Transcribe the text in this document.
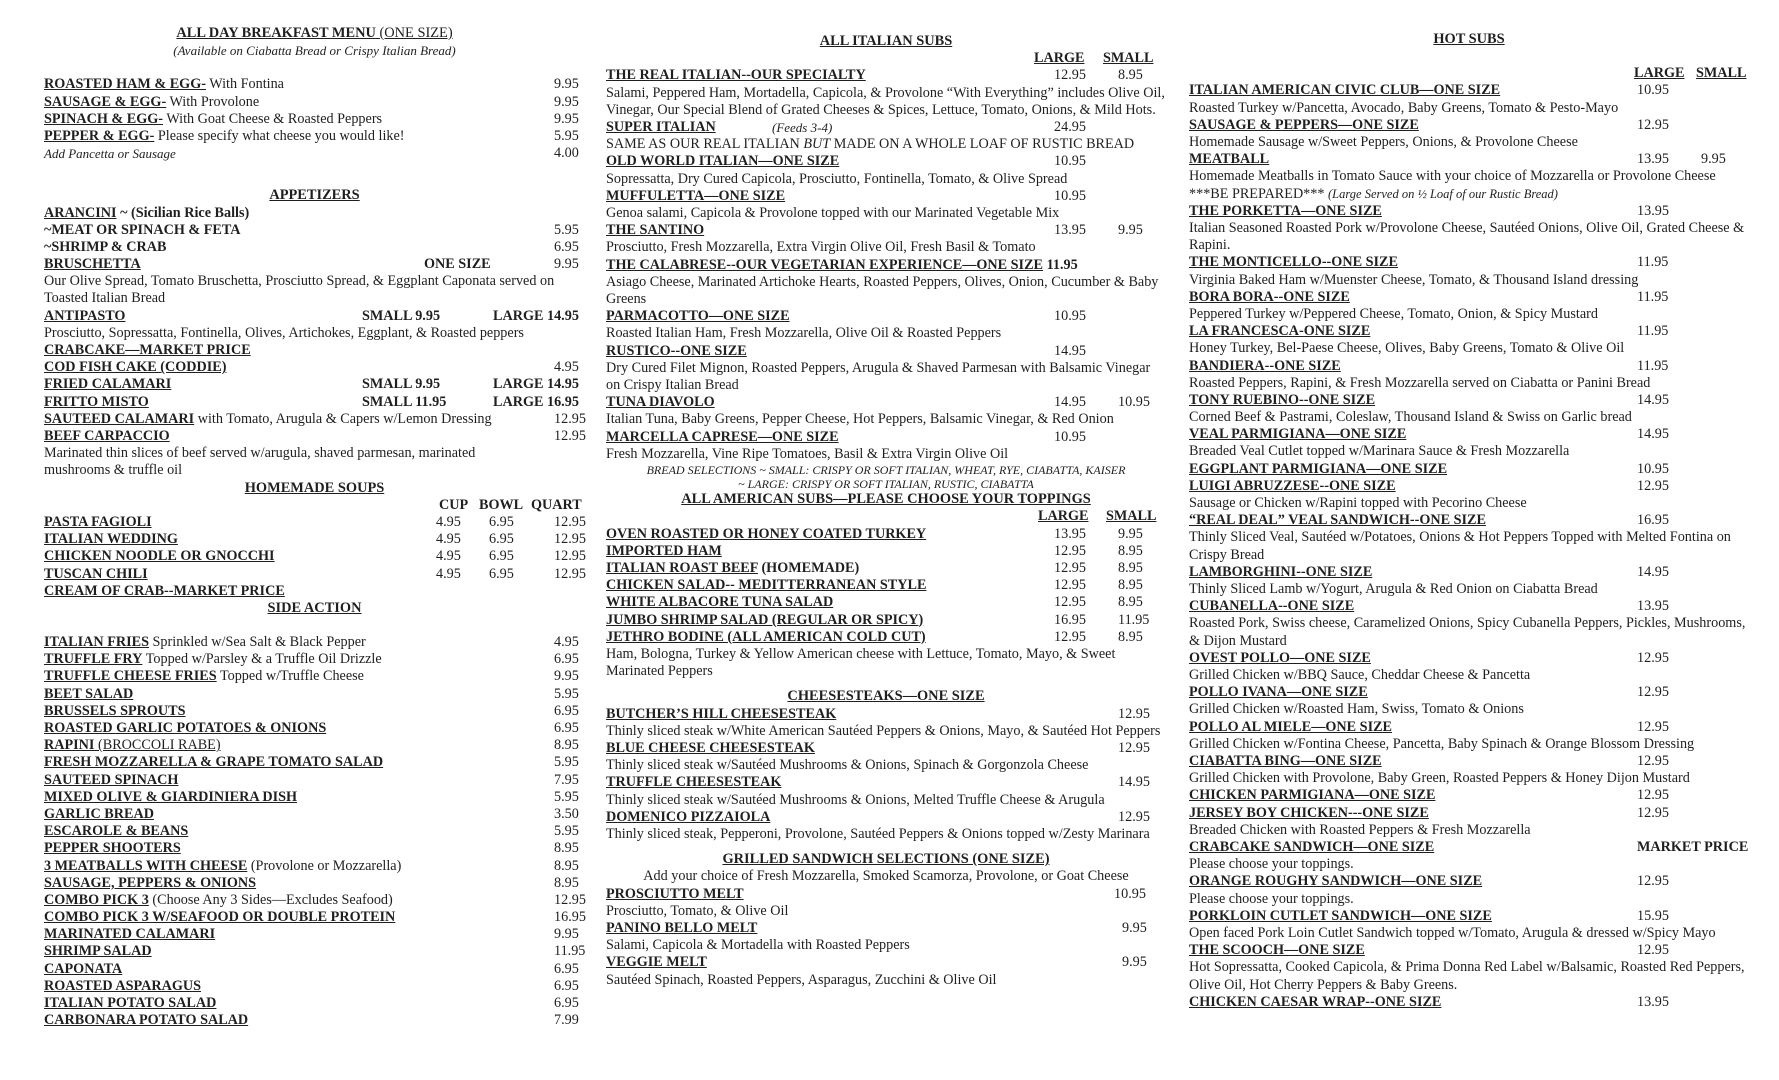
ALL DAY BREAKFAST MENU (ONE SIZE)
(Available on Ciabatta Bread or Crispy Italian Bread)
ROASTED HAM & EGG- With Fontina	9.95
SAUSAGE & EGG- With Provolone	9.95
SPINACH & EGG- With Goat Cheese & Roasted Peppers	9.95
PEPPER & EGG- Please specify what cheese you would like!	5.95
Add Pancetta or Sausage	4.00
APPETIZERS
ARANCINI ~ (Sicilian Rice Balls)
~MEAT OR SPINACH & FETA	5.95
~SHRIMP & CRAB	6.95
BRUSCHETTA	ONE SIZE	9.95
Our Olive Spread, Tomato Bruschetta, Prosciutto Spread, & Eggplant Caponata served on Toasted Italian Bread
ANTIPASTO	SMALL 9.95	LARGE 14.95
Prosciutto, Sopressatta, Fontinella, Olives, Artichokes, Eggplant, & Roasted peppers
CRABCAKE—MARKET PRICE
COD FISH CAKE (CODDIE)	4.95
FRIED CALAMARI	SMALL 9.95	LARGE 14.95
FRITTO MISTO	SMALL 11.95	LARGE 16.95
SAUTEED CALAMARI with Tomato, Arugula & Capers w/Lemon Dressing	12.95
BEEF CARPACCIO	12.95
Marinated thin slices of beef served w/arugula, shaved parmesan, marinated mushrooms & truffle oil
HOMEMADE SOUPS
CUP BOWL QUART
PASTA FAGIOLI	4.95 6.95	12.95
ITALIAN WEDDING	4.95 6.95	12.95
CHICKEN NOODLE OR GNOCCHI	4.95 6.95	12.95
TUSCAN CHILI	4.95 6.95	12.95
CREAM OF CRAB--MARKET PRICE
SIDE ACTION
ITALIAN FRIES Sprinkled w/Sea Salt & Black Pepper	4.95
TRUFFLE FRY Topped w/Parsley & a Truffle Oil Drizzle	6.95
TRUFFLE CHEESE FRIES Topped w/Truffle Cheese	9.95
BEET SALAD	5.95
BRUSSELS SPROUTS	6.95
ROASTED GARLIC POTATOES & ONIONS	6.95
RAPINI (BROCCOLI RABE)	8.95
FRESH MOZZARELLA & GRAPE TOMATO SALAD	5.95
SAUTEED SPINACH	7.95
MIXED OLIVE & GIARDINIERA DISH	5.95
GARLIC BREAD	3.50
ESCAROLE & BEANS	5.95
PEPPER SHOOTERS	8.95
3 MEATBALLS WITH CHEESE (Provolone or Mozzarella)	8.95
SAUSAGE, PEPPERS & ONIONS	8.95
COMBO PICK 3 (Choose Any 3 Sides—Excludes Seafood)	12.95
COMBO PICK 3 W/SEAFOOD OR DOUBLE PROTEIN	16.95
MARINATED CALAMARI	9.95
SHRIMP SALAD	11.95
CAPONATA	6.95
ROASTED ASPARAGUS	6.95
ITALIAN POTATO SALAD	6.95
CARBONARA POTATO SALAD	7.99
ALL ITALIAN SUBS
LARGE SMALL
THE REAL ITALIAN--OUR SPECIALTY	12.95 8.95
Salami, Peppered Ham, Mortadella, Capicola, & Provolone “With Everything” includes Olive Oil, Vinegar, Our Special Blend of Grated Cheeses & Spices, Lettuce, Tomato, Onions, & Mild Hots.
SUPER ITALIAN	(Feeds 3-4)	24.95
SAME AS OUR REAL ITALIAN BUT MADE ON A WHOLE LOAF OF RUSTIC BREAD
OLD WORLD ITALIAN—ONE SIZE	10.95
Sopressatta, Dry Cured Capicola, Prosciutto, Fontinella, Tomato, & Olive Spread
MUFFULETTA—ONE SIZE	10.95
Genoa salami, Capicola & Provolone topped with our Marinated Vegetable Mix
THE SANTINO	13.95 9.95
Prosciutto, Fresh Mozzarella, Extra Virgin Olive Oil, Fresh Basil & Tomato
THE CALABRESE--OUR VEGETARIAN EXPERIENCE—ONE SIZE 11.95
Asiago Cheese, Marinated Artichoke Hearts, Roasted Peppers, Olives, Onion, Cucumber & Baby Greens
PARMACOTTO—ONE SIZE	10.95
Roasted Italian Ham, Fresh Mozzarella, Olive Oil & Roasted Peppers
RUSTICO--ONE SIZE	14.95
Dry Cured Filet Mignon, Roasted Peppers, Arugula & Shaved Parmesan with Balsamic Vinegar on Crispy Italian Bread
TUNA DIAVOLO	14.95 10.95
Italian Tuna, Baby Greens, Pepper Cheese, Hot Peppers, Balsamic Vinegar, & Red Onion
MARCELLA CAPRESE—ONE SIZE	10.95
Fresh Mozzarella, Vine Ripe Tomatoes, Basil & Extra Virgin Olive Oil
BREAD SELECTIONS ~ SMALL: CRISPY OR SOFT ITALIAN, WHEAT, RYE, CIABATTA, KAISER
~ LARGE: CRISPY OR SOFT ITALIAN, RUSTIC, CIABATTA
ALL AMERICAN SUBS—PLEASE CHOOSE YOUR TOPPINGS
LARGE SMALL
OVEN ROASTED OR HONEY COATED TURKEY	13.95 9.95
IMPORTED HAM	12.95 8.95
ITALIAN ROAST BEEF (HOMEMADE)	12.95 8.95
CHICKEN SALAD-- MEDITTERRANEAN STYLE	12.95 8.95
WHITE ALBACORE TUNA SALAD	12.95 8.95
JUMBO SHRIMP SALAD (REGULAR OR SPICY)	16.95 11.95
JETHRO BODINE (ALL AMERICAN COLD CUT)	12.95 8.95
Ham, Bologna, Turkey & Yellow American cheese with Lettuce, Tomato, Mayo, & Sweet Marinated Peppers
CHEESESTEAKS—ONE SIZE
BUTCHER’S HILL CHEESESTEAK	12.95
Thinly sliced steak w/White American Sautéed Peppers & Onions, Mayo, & Sautéed Hot Peppers
BLUE CHEESE CHEESESTEAK	12.95
Thinly sliced steak w/Sautéed Mushrooms & Onions, Spinach & Gorgonzola Cheese
TRUFFLE CHEESESTEAK	14.95
Thinly sliced steak w/Sautéed Mushrooms & Onions, Melted Truffle Cheese & Arugula
DOMENICO PIZZAIOLA	12.95
Thinly sliced steak, Pepperoni, Provolone, Sautéed Peppers & Onions topped w/Zesty Marinara
GRILLED SANDWICH SELECTIONS (ONE SIZE)
Add your choice of Fresh Mozzarella, Smoked Scamorza, Provolone, or Goat Cheese
PROSCIUTTO MELT	10.95
Prosciutto, Tomato, & Olive Oil
PANINO BELLO MELT	9.95
Salami, Capicola & Mortadella with Roasted Peppers
VEGGIE MELT	9.95
Sautéed Spinach, Roasted Peppers, Asparagus, Zucchini & Olive Oil
HOT SUBS
LARGE SMALL
ITALIAN AMERICAN CIVIC CLUB—ONE SIZE	10.95
Roasted Turkey w/Pancetta, Avocado, Baby Greens, Tomato & Pesto-Mayo
SAUSAGE & PEPPERS—ONE SIZE	12.95
Homemade Sausage w/Sweet Peppers, Onions, & Provolone Cheese
MEATBALL	13.95 9.95
Homemade Meatballs in Tomato Sauce with your choice of Mozzarella or Provolone Cheese ***BE PREPARED*** (Large Served on ½ Loaf of our Rustic Bread)
THE PORKETTA—ONE SIZE	13.95
Italian Seasoned Roasted Pork w/Provolone Cheese, Sautéed Onions, Olive Oil, Grated Cheese & Rapini.
THE MONTICELLO--ONE SIZE	11.95
Virginia Baked Ham w/Muenster Cheese, Tomato, & Thousand Island dressing
BORA BORA--ONE SIZE	11.95
Peppered Turkey w/Peppered Cheese, Tomato, Onion, & Spicy Mustard
LA FRANCESCA-ONE SIZE	11.95
Honey Turkey, Bel-Paese Cheese, Olives, Baby Greens, Tomato & Olive Oil
BANDIERA--ONE SIZE	11.95
Roasted Peppers, Rapini, & Fresh Mozzarella served on Ciabatta or Panini Bread
TONY RUEBINO--ONE SIZE	14.95
Corned Beef & Pastrami, Coleslaw, Thousand Island & Swiss on Garlic bread
VEAL PARMIGIANA—ONE SIZE	14.95
Breaded Veal Cutlet topped w/Marinara Sauce & Fresh Mozzarella
EGGPLANT PARMIGIANA—ONE SIZE	10.95
LUIGI ABRUZZESE--ONE SIZE	12.95
Sausage or Chicken w/Rapini topped with Pecorino Cheese
“REAL DEAL” VEAL SANDWICH--ONE SIZE	16.95
Thinly Sliced Veal, Sautéed w/Potatoes, Onions & Hot Peppers Topped with Melted Fontina on Crispy Bread
LAMBORGHINI--ONE SIZE	14.95
Thinly Sliced Lamb w/Yogurt, Arugula & Red Onion on Ciabatta Bread
CUBANELLA--ONE SIZE	13.95
Roasted Pork, Swiss cheese, Caramelized Onions, Spicy Cubanella Peppers, Pickles, Mushrooms, & Dijon Mustard
OVEST POLLO—ONE SIZE	12.95
Grilled Chicken w/BBQ Sauce, Cheddar Cheese & Pancetta
POLLO IVANA—ONE SIZE	12.95
Grilled Chicken w/Roasted Ham, Swiss, Tomato & Onions
POLLO AL MIELE—ONE SIZE	12.95
Grilled Chicken w/Fontina Cheese, Pancetta, Baby Spinach & Orange Blossom Dressing
CIABATTA BING—ONE SIZE	12.95
Grilled Chicken with Provolone, Baby Green, Roasted Peppers & Honey Dijon Mustard
CHICKEN PARMIGIANA—ONE SIZE	12.95
JERSEY BOY CHICKEN---ONE SIZE	12.95
Breaded Chicken with Roasted Peppers & Fresh Mozzarella
CRABCAKE SANDWICH—ONE SIZE	MARKET PRICE
Please choose your toppings.
ORANGE ROUGHY SANDWICH—ONE SIZE	12.95
Please choose your toppings.
PORKLOIN CUTLET SANDWICH—ONE SIZE	15.95
Open faced Pork Loin Cutlet Sandwich topped w/Tomato, Arugula & dressed w/Spicy Mayo
THE SCOOCH—ONE SIZE	12.95
Hot Sopressatta, Cooked Capicola, & Prima Donna Red Label w/Balsamic, Roasted Red Peppers, Olive Oil, Hot Cherry Peppers & Baby Greens.
CHICKEN CAESAR WRAP--ONE SIZE	13.95
